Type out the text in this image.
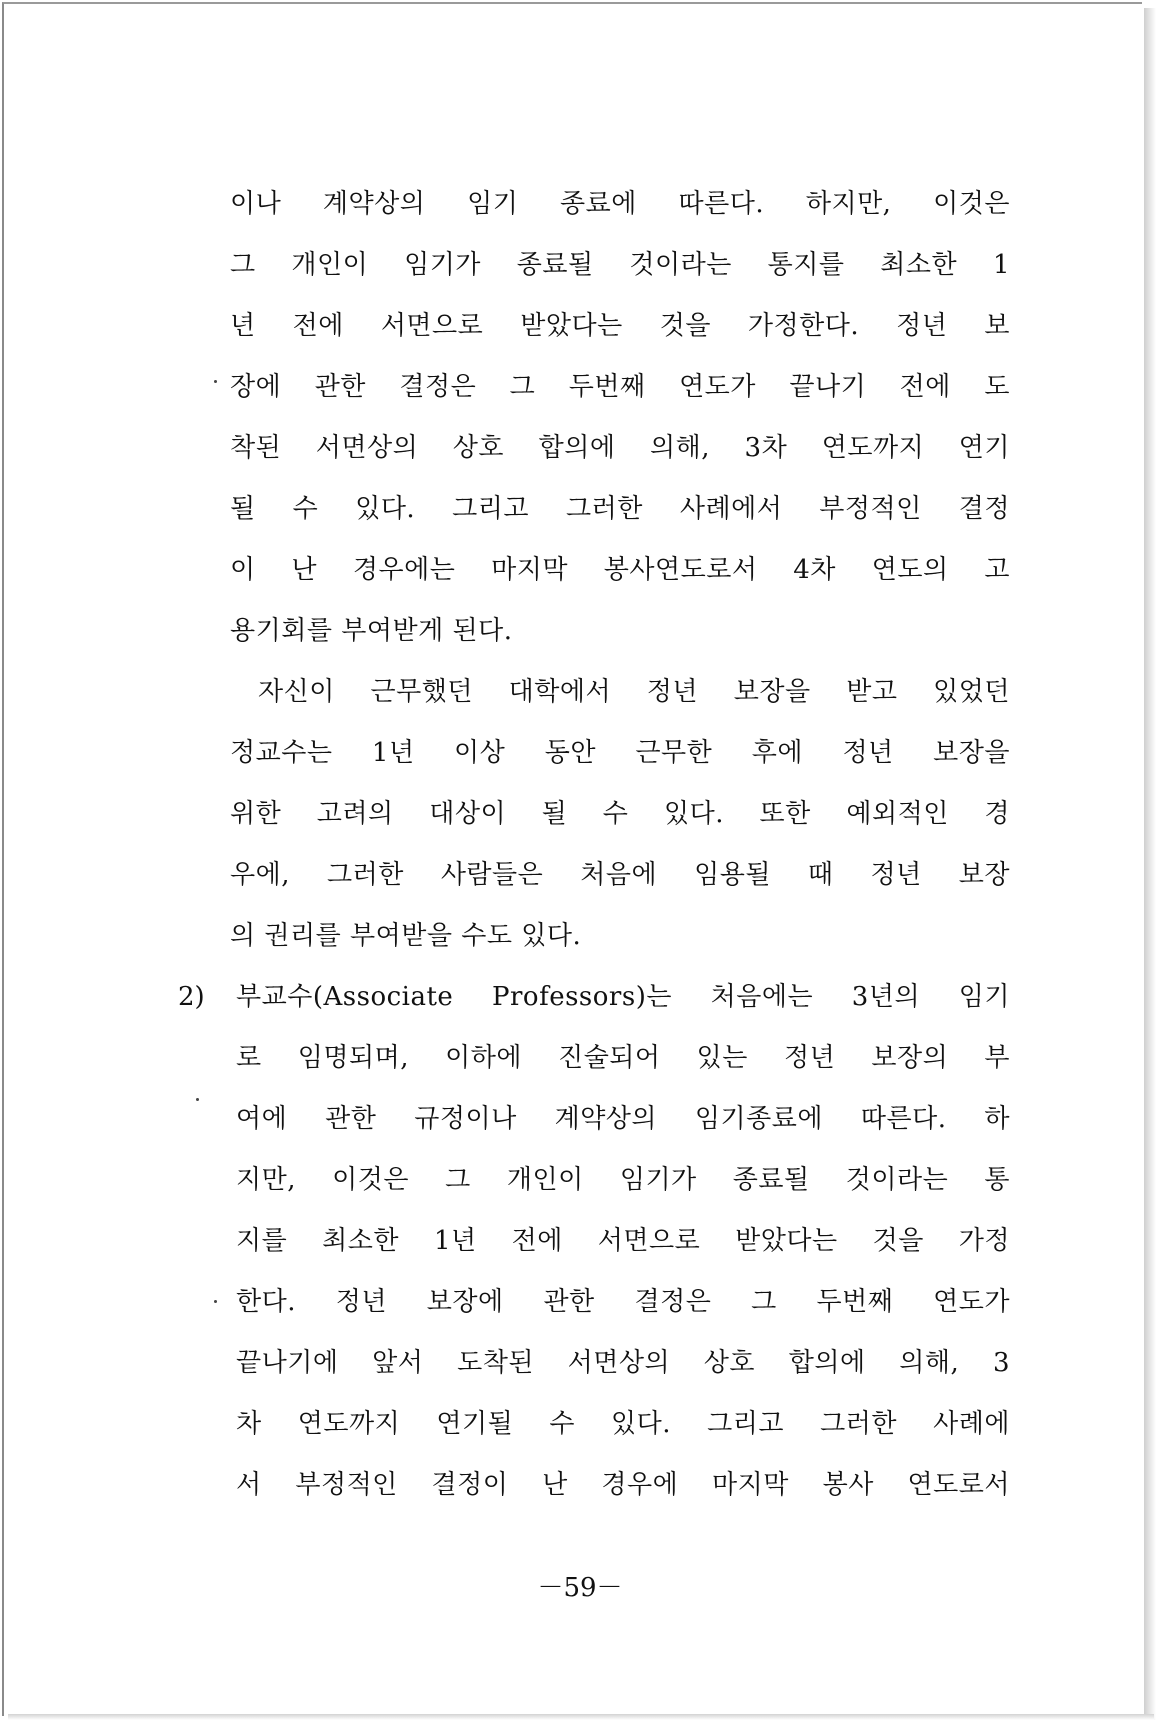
이나 계약상의 임기 종료에 따른다. 하지만, 이것은
그 개인이 임기가 종료될 것이라는 통지를 최소한 1
년 전에 서면으로 받았다는 것을 가정한다. 정년 보
장에 관한 결정은 그 두번째 연도가 끝나기 전에 도
착된 서면상의 상호 합의에 의해, 3차 연도까지 연기
될 수 있다. 그리고 그러한 사례에서 부정적인 결정
이 난 경우에는 마지막 봉사연도로서 4차 연도의 고
용기회를 부여받게 된다.
자신이 근무했던 대학에서 정년 보장을 받고 있었던
정교수는 1년 이상 동안 근무한 후에 정년 보장을
위한 고려의 대상이 될 수 있다. 또한 예외적인 경
우에, 그러한 사람들은 처음에 임용될 때 정년 보장
의 권리를 부여받을 수도 있다.
2) 부교수(Associate Professors)는 처음에는 3년의 임기
로 임명되며, 이하에 진술되어 있는 정년 보장의 부
여에 관한 규정이나 계약상의 임기종료에 따른다. 하
지만, 이것은 그 개인이 임기가 종료될 것이라는 통
지를 최소한 1년 전에 서면으로 받았다는 것을 가정
한다. 정년 보장에 관한 결정은 그 두번째 연도가
끝나기에 앞서 도착된 서면상의 상호 합의에 의해, 3
차 연도까지 연기될 수 있다. 그리고 그러한 사례에
서 부정적인 결정이 난 경우에 마지막 봉사 연도로서
－59－
